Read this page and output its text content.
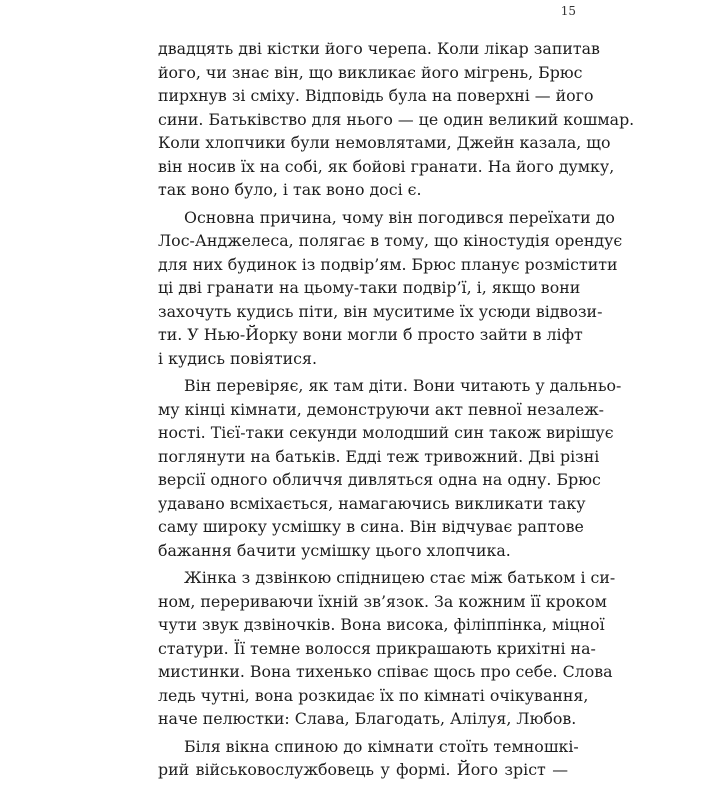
15
двадцять дві кістки його черепа. Коли лікар запитав
його, чи знає він, що викликає його мігрень, Брюс
пирхнув зі сміху. Відповідь була на поверхні — його
сини. Батьківство для нього — це один великий кошмар.
Коли хлопчики були немовлятами, Джейн казала, що
він носив їх на собі, як бойові гранати. На його думку,
так воно було, і так воно досі є.
Основна причина, чому він погодився переїхати до
Лос-Анджелеса, полягає в тому, що кіностудія орендує
для них будинок із подвір’ям. Брюс планує розмістити
ці дві гранати на цьому-таки подвір’ї, і, якщо вони
захочуть кудись піти, він муситиме їх усюди відвози-
ти. У Нью-Йорку вони могли б просто зайти в ліфт
і кудись повіятися.
Він перевіряє, як там діти. Вони читають у дальньо-
му кінці кімнати, демонструючи акт певної незалеж-
ності. Тієї-таки секунди молодший син також вирішує
поглянути на батьків. Едді теж тривожний. Дві різні
версії одного обличчя дивляться одна на одну. Брюс
удавано всміхається, намагаючись викликати таку
саму широку усмішку в сина. Він відчуває раптове
бажання бачити усмішку цього хлопчика.
Жінка з дзвінкою спідницею стає між батьком і си-
ном, перериваючи їхній зв’язок. За кожним її кроком
чути звук дзвіночків. Вона висока, філіппінка, міцної
статури. Її темне волосся прикрашають крихітні на-
мистинки. Вона тихенько співає щось про себе. Слова
ледь чутні, вона розкидає їх по кімнаті очікування,
наче пелюстки: Слава, Благодать, Алілуя, Любов.
Біля вікна спиною до кімнати стоїть темношкі-
рий військовослужбовець у формі. Його зріст —
